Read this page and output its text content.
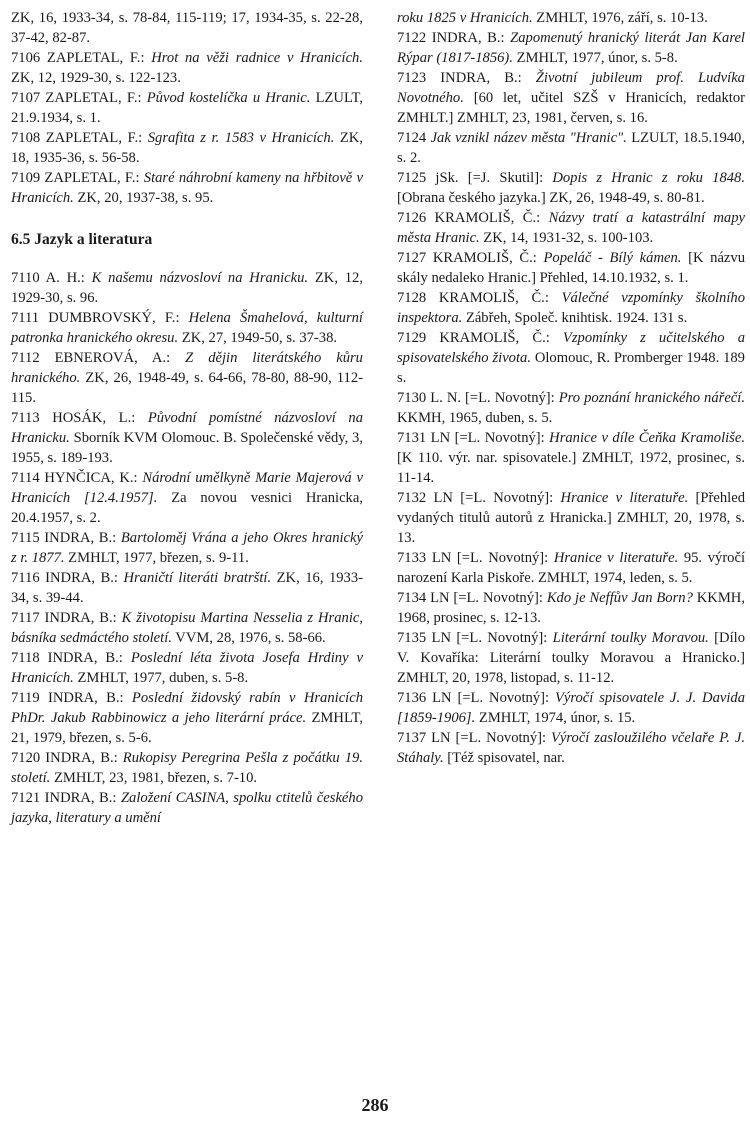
ZK, 16, 1933-34, s. 78-84, 115-119; 17, 1934-35, s. 22-28, 37-42, 82-87.
7106 ZAPLETAL, F.: Hrot na věži radnice v Hranicích. ZK, 12, 1929-30, s. 122-123.
7107 ZAPLETAL, F.: Původ kostelíčka u Hranic. LZULT, 21.9.1934, s. 1.
7108 ZAPLETAL, F.: Sgrafita z r. 1583 v Hranicích. ZK, 18, 1935-36, s. 56-58.
7109 ZAPLETAL, F.: Staré náhrobní kameny na hřbitově v Hranicích. ZK, 20, 1937-38, s. 95.
6.5 Jazyk a literatura
7110 A. H.: K našemu názvosloví na Hranicku. ZK, 12, 1929-30, s. 96.
7111 DUMBROVSKÝ, F.: Helena Šmahelová, kulturní patronka hranického okresu. ZK, 27, 1949-50, s. 37-38.
7112 EBNEROVÁ, A.: Z dějin literátského kůru hranického. ZK, 26, 1948-49, s. 64-66, 78-80, 88-90, 112-115.
7113 HOSÁK, L.: Původní pomístné názvosloví na Hranicku. Sborník KVM Olomouc. B. Společenské vědy, 3, 1955, s. 189-193.
7114 HYNČICA, K.: Národní umělkyně Marie Majerová v Hranicích [12.4.1957]. Za novou vesnici Hranicka, 20.4.1957, s. 2.
7115 INDRA, B.: Bartoloměj Vrána a jeho Okres hranický z r. 1877. ZMHLT, 1977, březen, s. 9-11.
7116 INDRA, B.: Hraničtí literáti bratrští. ZK, 16, 1933-34, s. 39-44.
7117 INDRA, B.: K životopisu Martina Nesselia z Hranic, básníka sedmáctého století. VVM, 28, 1976, s. 58-66.
7118 INDRA, B.: Poslední léta života Josefa Hrdiny v Hranicích. ZMHLT, 1977, duben, s. 5-8.
7119 INDRA, B.: Poslední židovský rabín v Hranicích PhDr. Jakub Rabbinowicz a jeho literární práce. ZMHLT, 21, 1979, březen, s. 5-6.
7120 INDRA, B.: Rukopisy Peregrina Pešla z počátku 19. století. ZMHLT, 23, 1981, březen, s. 7-10.
7121 INDRA, B.: Založení CASINA, spolku ctitelů českého jazyka, literatury a umění
roku 1825 v Hranicích. ZMHLT, 1976, září, s. 10-13.
7122 INDRA, B.: Zapomenutý hranický literát Jan Karel Rýpar (1817-1856). ZMHLT, 1977, únor, s. 5-8.
7123 INDRA, B.: Životní jubileum prof. Ludvíka Novotného. [60 let, učitel SZŠ v Hranicích, redaktor ZMHLT.] ZMHLT, 23, 1981, červen, s. 16.
7124 Jak vznikl název města "Hranic". LZULT, 18.5.1940, s. 2.
7125 jSk. [=J. Skutil]: Dopis z Hranic z roku 1848. [Obrana českého jazyka.] ZK, 26, 1948-49, s. 80-81.
7126 KRAMOLIŠ, Č.: Názvy tratí a katastrální mapy města Hranic. ZK, 14, 1931-32, s. 100-103.
7127 KRAMOLIŠ, Č.: Popeláč - Bílý kámen. [K názvu skály nedaleko Hranic.] Přehled, 14.10.1932, s. 1.
7128 KRAMOLIŠ, Č.: Válečné vzpomínky školního inspektora. Zábřeh, Společ. knihtisk. 1924. 131 s.
7129 KRAMOLIŠ, Č.: Vzpomínky z učitelského a spisovatelského života. Olomouc, R. Promberger 1948. 189 s.
7130 L. N. [=L. Novotný]: Pro poznání hranického nářečí. KKMH, 1965, duben, s. 5.
7131 LN [=L. Novotný]: Hranice v díle Čeňka Kramoliše. [K 110. výr. nar. spisovatele.] ZMHLT, 1972, prosinec, s. 11-14.
7132 LN [=L. Novotný]: Hranice v literatuře. [Přehled vydaných titulů autorů z Hranicka.] ZMHLT, 20, 1978, s. 13.
7133 LN [=L. Novotný]: Hranice v literatuře. 95. výročí narození Karla Piskoře. ZMHLT, 1974, leden, s. 5.
7134 LN [=L. Novotný]: Kdo je Neffův Jan Born? KKMH, 1968, prosinec, s. 12-13.
7135 LN [=L. Novotný]: Literární toulky Moravou. [Dílo V. Kovaříka: Literární toulky Moravou a Hranicko.] ZMHLT, 20, 1978, listopad, s. 11-12.
7136 LN [=L. Novotný]: Výročí spisovatele J. J. Davida [1859-1906]. ZMHLT, 1974, únor, s. 15.
7137 LN [=L. Novotný]: Výročí zasloužilého včelaře P. J. Stáhaly. [Též spisovatel, nar.
286
